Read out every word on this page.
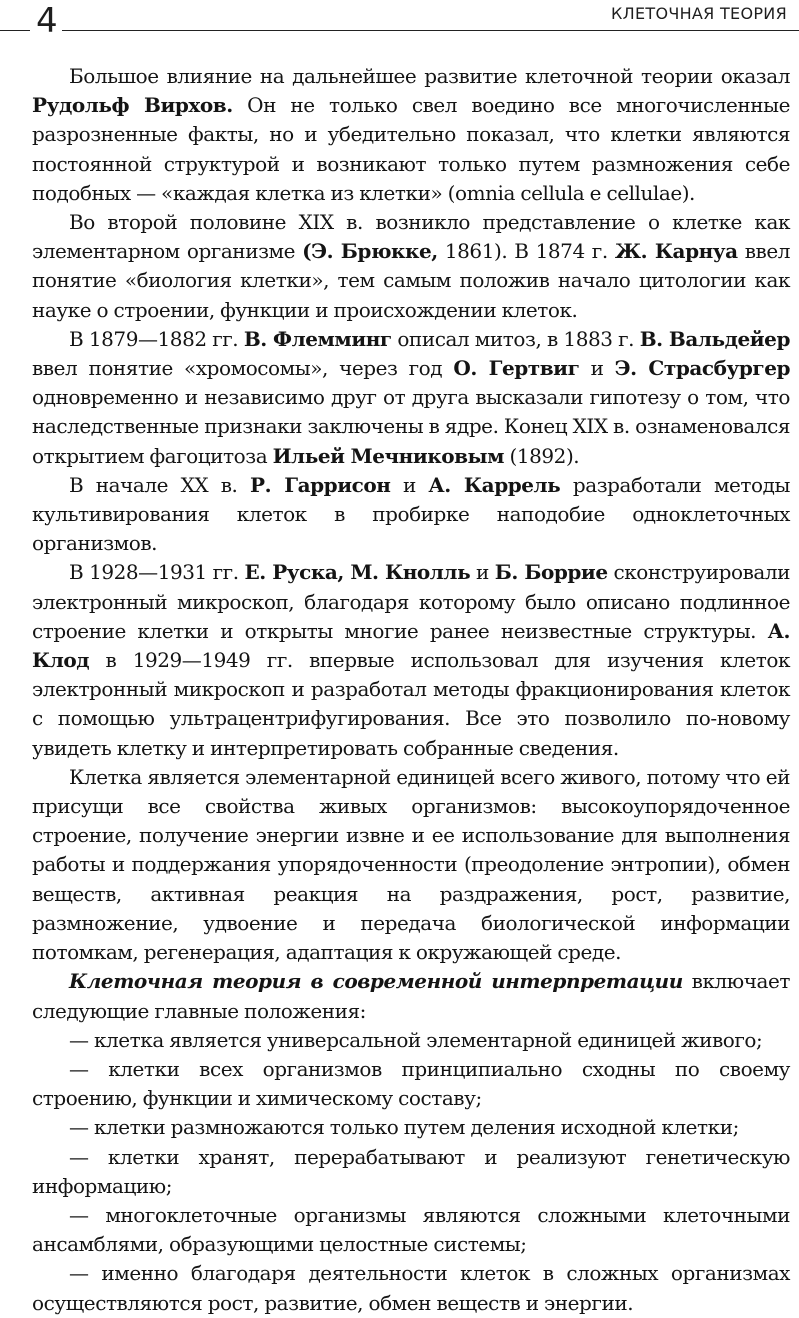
4	КЛЕТОЧНАЯ ТЕОРИЯ

Большое влияние на дальнейшее развитие клеточной теории оказал Рудольф Вирхов. Он не только свел воедино все многочисленные разрозненные факты, но и убедительно показал, что клетки являются постоянной структурой и возникают только путем размножения себе подобных — «каждая клетка из клетки» (omnia cellula e cellulae).

Во второй половине XIX в. возникло представление о клетке как элементарном организме (Э. Брюкке, 1861). В 1874 г. Ж. Карнуа ввел понятие «биология клетки», тем самым положив начало цитологии как науке о строении, функции и происхождении клеток.

В 1879—1882 гг. В. Флемминг описал митоз, в 1883 г. В. Вальдейер ввел понятие «хромосомы», через год О. Гертвиг и Э. Страсбургер одновременно и независимо друг от друга высказали гипотезу о том, что наследственные признаки заключены в ядре. Конец XIX в. ознаменовался открытием фагоцитоза Ильей Мечниковым (1892).

В начале XX в. Р. Гаррисон и А. Каррель разработали методы культивирования клеток в пробирке наподобие одноклеточных организмов.

В 1928—1931 гг. Е. Руска, М. Кнолль и Б. Боррие сконструировали электронный микроскоп, благодаря которому было описано подлинное строение клетки и открыты многие ранее неизвестные структуры. А. Клод в 1929—1949 гг. впервые использовал для изучения клеток электронный микроскоп и разработал методы фракционирования клеток с помощью ультрацентрифугирования. Все это позволило по-новому увидеть клетку и интерпретировать собранные сведения.

Клетка является элементарной единицей всего живого, потому что ей присущи все свойства живых организмов: высокоупорядоченное строение, получение энергии извне и ее использование для выполнения работы и поддержания упорядоченности (преодоление энтропии), обмен веществ, активная реакция на раздражения, рост, развитие, размножение, удвоение и передача биологической информации потомкам, регенерация, адаптация к окружающей среде.

Клеточная теория в современной интерпретации включает следующие главные положения:

— клетка является универсальной элементарной единицей живого;

— клетки всех организмов принципиально сходны по своему строению, функции и химическому составу;

— клетки размножаются только путем деления исходной клетки;

— клетки хранят, перерабатывают и реализуют генетическую информацию;

— многоклеточные организмы являются сложными клеточными ансамблями, образующими целостные системы;

— именно благодаря деятельности клеток в сложных организмах осуществляются рост, развитие, обмен веществ и энергии.
